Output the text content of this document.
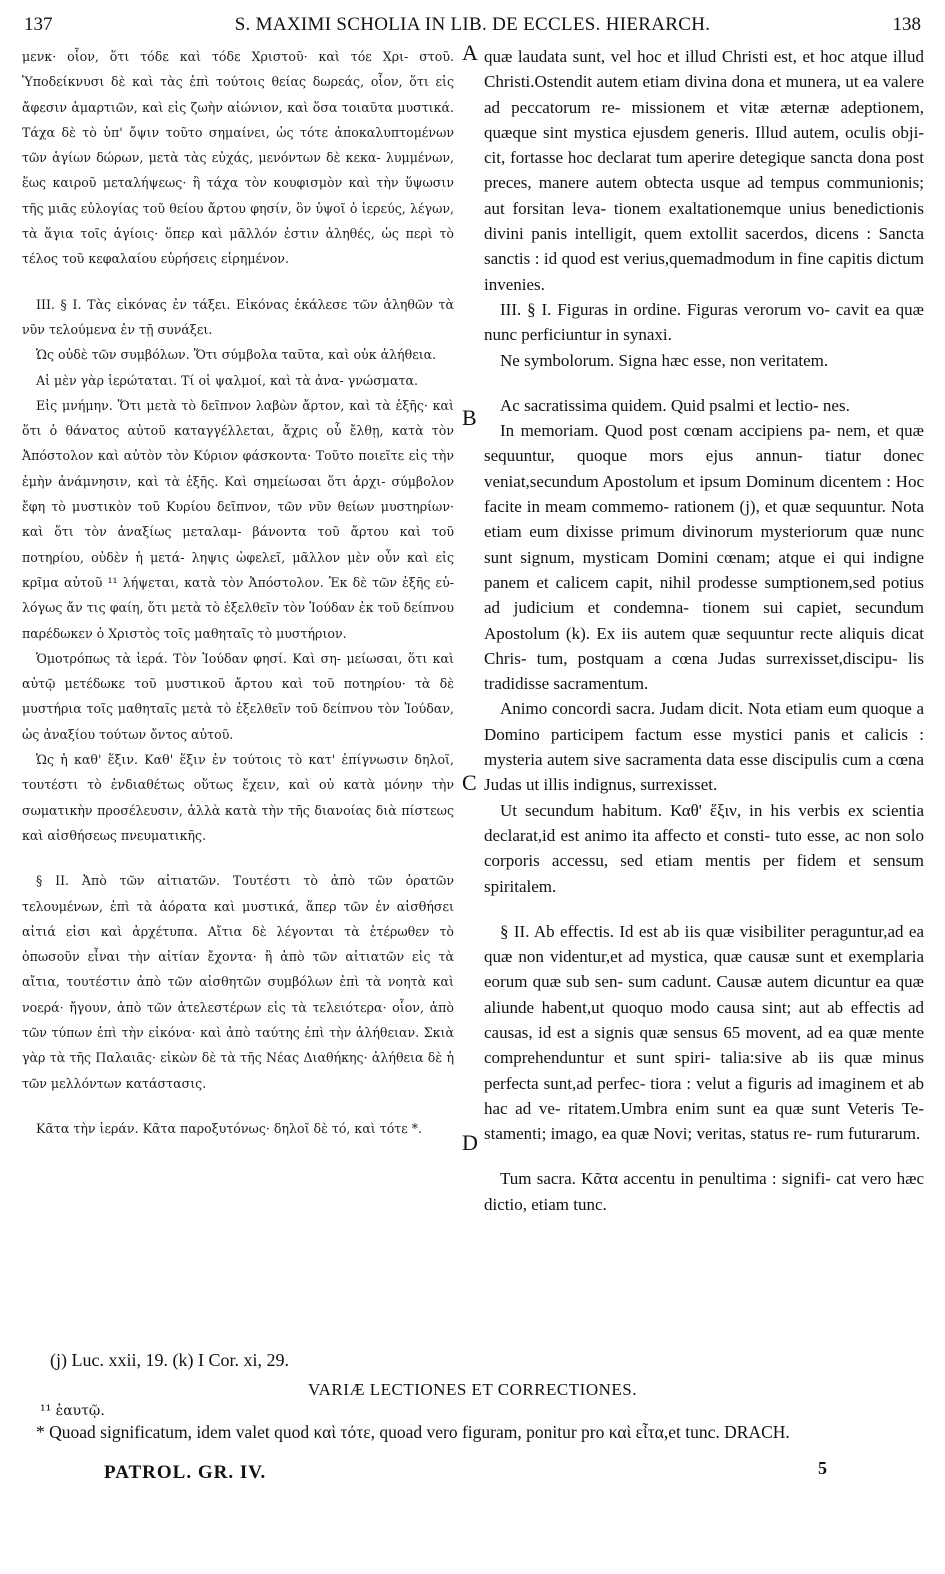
137	S. MAXIMI SCHOLIA IN LIB. DE ECCLES. HIERARCH.	138

μενκ· οἷον, ὅτι τόδε καὶ τόδε Χριστοῦ· καὶ τόε Χρι- στοῦ. Ὑποδείκνυσι δὲ καὶ τὰς ἐπὶ τούτοις θείας δωρεάς, οἷον, ὅτι εἰς ἄφεσιν ἁμαρτιῶν, καὶ εἰς ζωὴν αἰώνιον, καὶ ὅσα τοιαῦτα μυστικά. Τάχα δὲ τὸ ὑπ' ὄψιν τοῦτο σημαίνει, ὡς τότε ἀποκαλυπτομένων τῶν ἁγίων δώρων, μετὰ τὰς εὐχάς, μενόντων δὲ κεκα- λυμμένων, ἕως καιροῦ μεταλήψεως· ἢ τάχα τὸν κουφισμὸν καὶ τὴν ὕψωσιν τῆς μιᾶς εὐλογίας τοῦ θείου ἄρτου φησίν, ὃν ὑψοῖ ὁ ἱερεύς, λέγων, τὰ ἅγια τοῖς ἁγίοις· ὅπερ καὶ μᾶλλόν ἐστιν ἀληθές, ὡς περὶ τὸ τέλος τοῦ κεφαλαίου εὑρήσεις εἰρημένον.

III. § I. Τὰς εἰκόνας ἐν τάξει. Εἰκόνας ἐκάλεσε τῶν ἀληθῶν τὰ νῦν τελούμενα ἐν τῇ συνάξει.

Ὡς οὐδὲ τῶν συμβόλων. Ὅτι σύμβολα ταῦτα, καὶ οὐκ ἀλήθεια.

Αἱ μὲν γὰρ ἱερώταται. Τί οἱ ψαλμοί, καὶ τὰ ἀνα- γνώσματα.

Εἰς μνήμην. Ὅτι μετὰ τὸ δεῖπνον λαβὼν ἄρτον, καὶ τὰ ἑξῆς· καὶ ὅτι ὁ θάνατος αὐτοῦ καταγγέλλεται, ἄχρις οὗ ἔλθῃ, κατὰ τὸν Ἀπόστολον καὶ αὐτὸν τὸν Κύριον φάσκοντα· Τοῦτο ποιεῖτε εἰς τὴν ἐμὴν ἀνάμνησιν, καὶ τὰ ἑξῆς. Καὶ σημείωσαι ὅτι ἀρχι- σύμβολον ἔφη τὸ μυστικὸν τοῦ Κυρίου δεῖπνον, τῶν νῦν θείων μυστηρίων· καὶ ὅτι τὸν ἀναξίως μεταλαμ- βάνοντα τοῦ ἄρτου καὶ τοῦ ποτηρίου, οὐδὲν ἡ μετά- ληψις ὠφελεῖ, μᾶλλον μὲν οὖν καὶ εἰς κρῖμα αὐτοῦ ¹¹ λήψεται, κατὰ τὸν Ἀπόστολον. Ἐκ δὲ τῶν ἑξῆς εὐ- λόγως ἄν τις φαίη, ὅτι μετὰ τὸ ἐξελθεῖν τὸν Ἰούδαν ἐκ τοῦ δείπνου παρέδωκεν ὁ Χριστὸς τοῖς μαθηταῖς τὸ μυστήριον.

Ὁμοτρόπως τὰ ἱερά. Τὸν Ἰούδαν φησί. Καὶ ση- μείωσαι, ὅτι καὶ αὐτῷ μετέδωκε τοῦ μυστικοῦ ἄρτου καὶ τοῦ ποτηρίου· τὰ δὲ μυστήρια τοῖς μαθηταῖς μετὰ τὸ ἐξελθεῖν τοῦ δείπνου τὸν Ἰούδαν, ὡς ἀναξίου τούτων ὄντος αὐτοῦ.

Ὡς ἡ καθ' ἕξιν. Καθ' ἕξιν ἐν τούτοις τὸ κατ' ἐπίγνωσιν δηλοῖ, τουτέστι τὸ ἐνδιαθέτως οὕτως ἔχειν, καὶ οὐ κατὰ μόνην τὴν σωματικὴν προσέλευσιν, ἀλλὰ κατὰ τὴν τῆς διανοίας διὰ πίστεως καὶ αἰσθήσεως πνευματικῆς.

§ II. Ἀπὸ τῶν αἰτιατῶν. Τουτέστι τὸ ἀπὸ τῶν ὁρατῶν τελουμένων, ἐπὶ τὰ ἀόρατα καὶ μυστικά, ἅπερ τῶν ἐν αἰσθήσει αἰτιά εἰσι καὶ ἀρχέτυπα. Αἴτια δὲ λέγονται τὰ ἑτέρωθεν τὸ ὁπωσοῦν εἶναι τὴν αἰτίαν ἔχοντα· ἢ ἀπὸ τῶν αἰτιατῶν εἰς τὰ αἴτια, τουτέστιν ἀπὸ τῶν αἰσθητῶν συμβόλων ἐπὶ τὰ νοητὰ καὶ νοερά· ἤγουν, ἀπὸ τῶν ἀτελεστέρων εἰς τὰ τελειότερα· οἷον, ἀπὸ τῶν τύπων ἐπὶ τὴν εἰκόνα· καὶ ἀπὸ ταύτης ἐπὶ τὴν ἀλήθειαν. Σκιὰ γὰρ τὰ τῆς Παλαιᾶς· εἰκὼν δὲ τὰ τῆς Νέας Διαθήκης· ἀλήθεια δὲ ἡ τῶν μελλόντων κατάστασις.

Κᾶτα τὴν ἱεράν. Κᾶτα παροξυτόνως· δηλοῖ δὲ τό, καὶ τότε *.

A
B
C
D

quæ laudata sunt, vel hoc et illud Christi est, et hoc atque illud Christi.Ostendit autem etiam divina dona et munera, ut ea valere ad peccatorum re- missionem et vitæ æternæ adeptionem, quæque sint mystica ejusdem generis. Illud autem, oculis obji- cit, fortasse hoc declarat tum aperire detegique sancta dona post preces, manere autem obtecta usque ad tempus communionis; aut forsitan leva- tionem exaltationemque unius benedictionis divini panis intelligit, quem extollit sacerdos, dicens : Sancta sanctis : id quod est verius,quemadmodum in fine capitis dictum invenies.

III. § I. Figuras in ordine. Figuras verorum vo- cavit ea quæ nunc perficiuntur in synaxi.

Ne symbolorum. Signa hæc esse, non veritatem.

Ac sacratissima quidem. Quid psalmi et lectio- nes.

In memoriam. Quod post cœnam accipiens pa- nem, et quæ sequuntur, quoque mors ejus annun- tiatur donec veniat,secundum Apostolum et ipsum Dominum dicentem : Hoc facite in meam commemo- rationem (j), et quæ sequuntur. Nota etiam eum dixisse primum divinorum mysteriorum quæ nunc sunt signum, mysticam Domini cœnam; atque ei qui indigne panem et calicem capit, nihil prodesse sumptionem,sed potius ad judicium et condemna- tionem sui capiet, secundum Apostolum (k). Ex iis autem quæ sequuntur recte aliquis dicat Chris- tum, postquam a cœna Judas surrexisset,discipu- lis tradidisse sacramentum.

Animo concordi sacra. Judam dicit. Nota etiam eum quoque a Domino participem factum esse mystici panis et calicis : mysteria autem sive sacramenta data esse discipulis cum a cœna Judas ut illis indignus, surrexisset.

Ut secundum habitum. Καθ' ἕξιν, in his verbis ex scientia declarat,id est animo ita affecto et consti- tuto esse, ac non solo corporis accessu, sed etiam mentis per fidem et sensum spiritalem.

§ II. Ab effectis. Id est ab iis quæ visibiliter peraguntur,ad ea quæ non videntur,et ad mystica, quæ causæ sunt et exemplaria eorum quæ sub sen- sum cadunt. Causæ autem dicuntur ea quæ aliunde habent,ut quoquo modo causa sint; aut ab effectis ad causas, id est a signis quæ sensus 65 movent, ad ea quæ mente comprehenduntur et sunt spiri- talia:sive ab iis quæ minus perfecta sunt,ad perfec- tiora : velut a figuris ad imaginem et ab hac ad ve- ritatem.Umbra enim sunt ea quæ sunt Veteris Te- stamenti; imago, ea quæ Novi; veritas, status re- rum futurarum.

Tum sacra. Κᾶτα accentu in penultima : signifi- cat vero hæc dictio, etiam tunc.

(j) Luc. xxii, 19. (k) I Cor. xi, 29.
VARIÆ LECTIONES ET CORRECTIONES.
¹¹ ἑαυτῷ.
* Quoad significatum, idem valet quod καὶ τότε, quoad vero figuram, ponitur pro καὶ εἶτα,et tunc. DRACH.
PATROL. GR. IV.	5
